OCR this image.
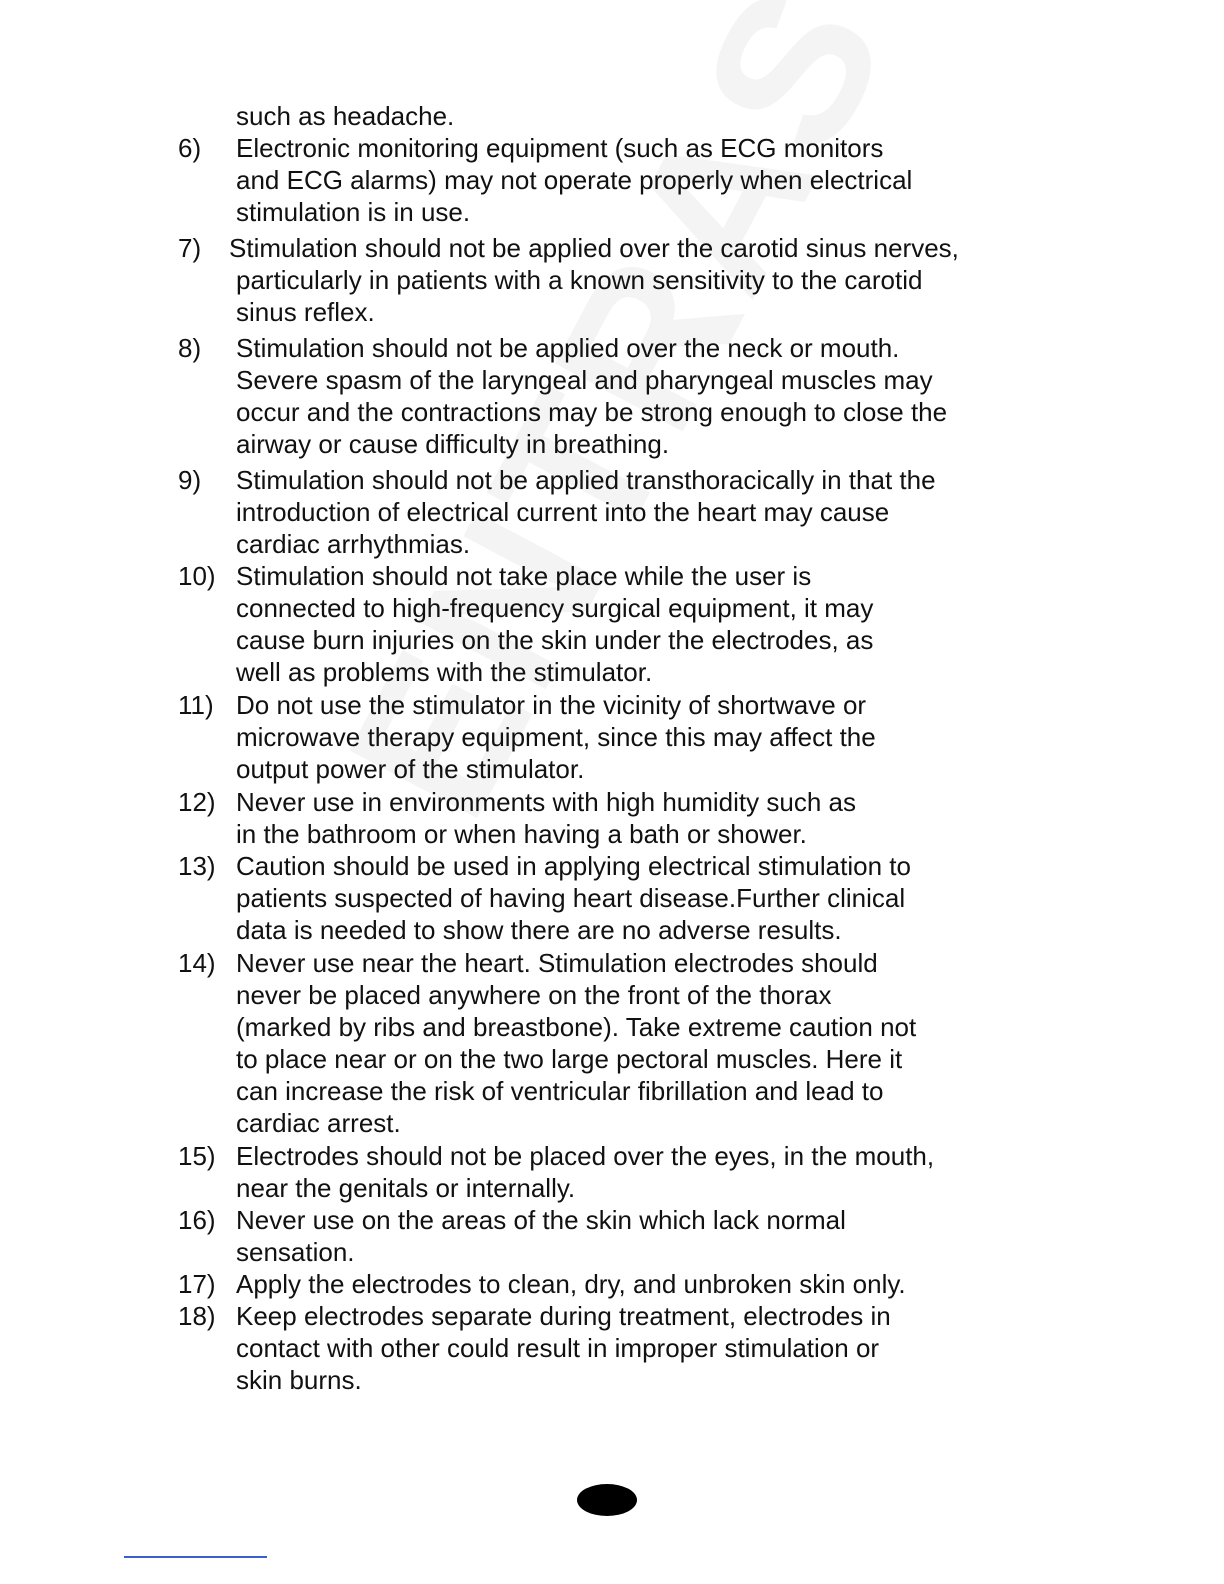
such as headache.
6) Electronic monitoring equipment (such as ECG monitors
and ECG alarms) may not operate properly when electrical
stimulation is in use.
7) Stimulation should not be applied over the carotid sinus nerves,
particularly in patients with a known sensitivity to the carotid
sinus reflex.
8) Stimulation should not be applied over the neck or mouth.
Severe spasm of the laryngeal and pharyngeal muscles may
occur and the contractions may be strong enough to close the
airway or cause difficulty in breathing.
9) Stimulation should not be applied transthoracically in that the
introduction of electrical current into the heart may cause
cardiac arrhythmias.
10) Stimulation should not take place while the user is
connected to high-frequency surgical equipment, it may
cause burn injuries on the skin under the electrodes, as
well as problems with the stimulator.
11) Do not use the stimulator in the vicinity of shortwave or
microwave therapy equipment, since this may affect the
output power of the stimulator.
12) Never use in environments with high humidity such as
in the bathroom or when having a bath or shower.
13) Caution should be used in applying electrical stimulation to
patients suspected of having heart disease.Further clinical
data is needed to show there are no adverse results.
14) Never use near the heart. Stimulation electrodes should
never be placed anywhere on the front of the thorax
(marked by ribs and breastbone). Take extreme caution not
to place near or on the two large pectoral muscles. Here it
can increase the risk of ventricular fibrillation and lead to
cardiac arrest.
15) Electrodes should not be placed over the eyes, in the mouth,
near the genitals or internally.
16) Never use on the areas of the skin which lack normal
sensation.
17) Apply the electrodes to clean, dry, and unbroken skin only.
18) Keep electrodes separate during treatment, electrodes in
contact with other could result in improper stimulation or
skin burns.
